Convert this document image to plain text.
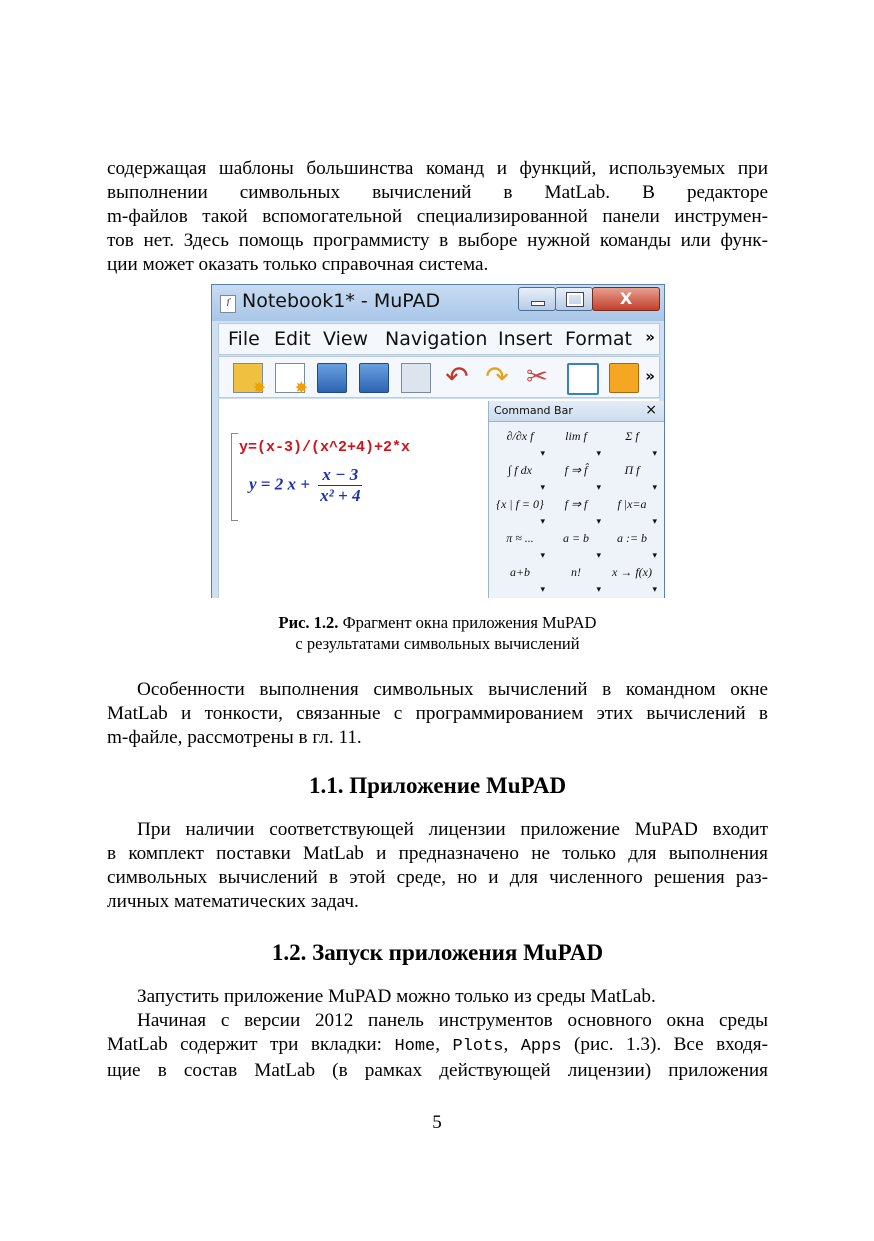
содержащая шаблоны большинства команд и функций, используемых при
выполнении символьных вычислений в MatLab. В редакторе
m-файлов такой вспомогательной специализированной панели инструмен-
тов нет. Здесь помощь программисту в выборе нужной команды или функ-
ции может оказать только справочная система.
ſ Notebook1* - MuPAD	X
File Edit View Navigation Insert Format »
✸
✸
↶ ↷ ✂	»
y=(x-3)/(x^2+4)+2*x
y = 2 $x + \frac{x - 3}{\text{x² + 4}}$
Command Bar	×
∂/∂x f ▾	lim f ▾	Σ f ▾
∫ f dx ▾	f ⇒ f̂ ▾	Π f ▾
{x | f = 0} ▾	f ⇒ f ▾	f |x=a ▾
π ≈ ... ▾	a = b ▾	a := b ▾
a+b ▾	n! ▾	x → f(x) ▾
Рис. 1.2. Фрагмент окна приложения MuPAD
с результатами символьных вычислений
Особенности выполнения символьных вычислений в командном окне
MatLab и тонкости, связанные с программированием этих вычислений в
m-файле, рассмотрены в гл. 11.
1.1. Приложение MuPAD
При наличии соответствующей лицензии приложение MuPAD входит
в комплект поставки MatLab и предназначено не только для выполнения
символьных вычислений в этой среде, но и для численного решения раз-
личных математических задач.
1.2. Запуск приложения MuPAD
Запустить приложение MuPAD можно только из среды MatLab.
Начиная с версии 2012 панель инструментов основного окна среды
MatLab содержит три вкладки: Home, Plots, Apps (рис. 1.3). Все входя-
щие в состав MatLab (в рамках действующей лицензии) приложения
5
